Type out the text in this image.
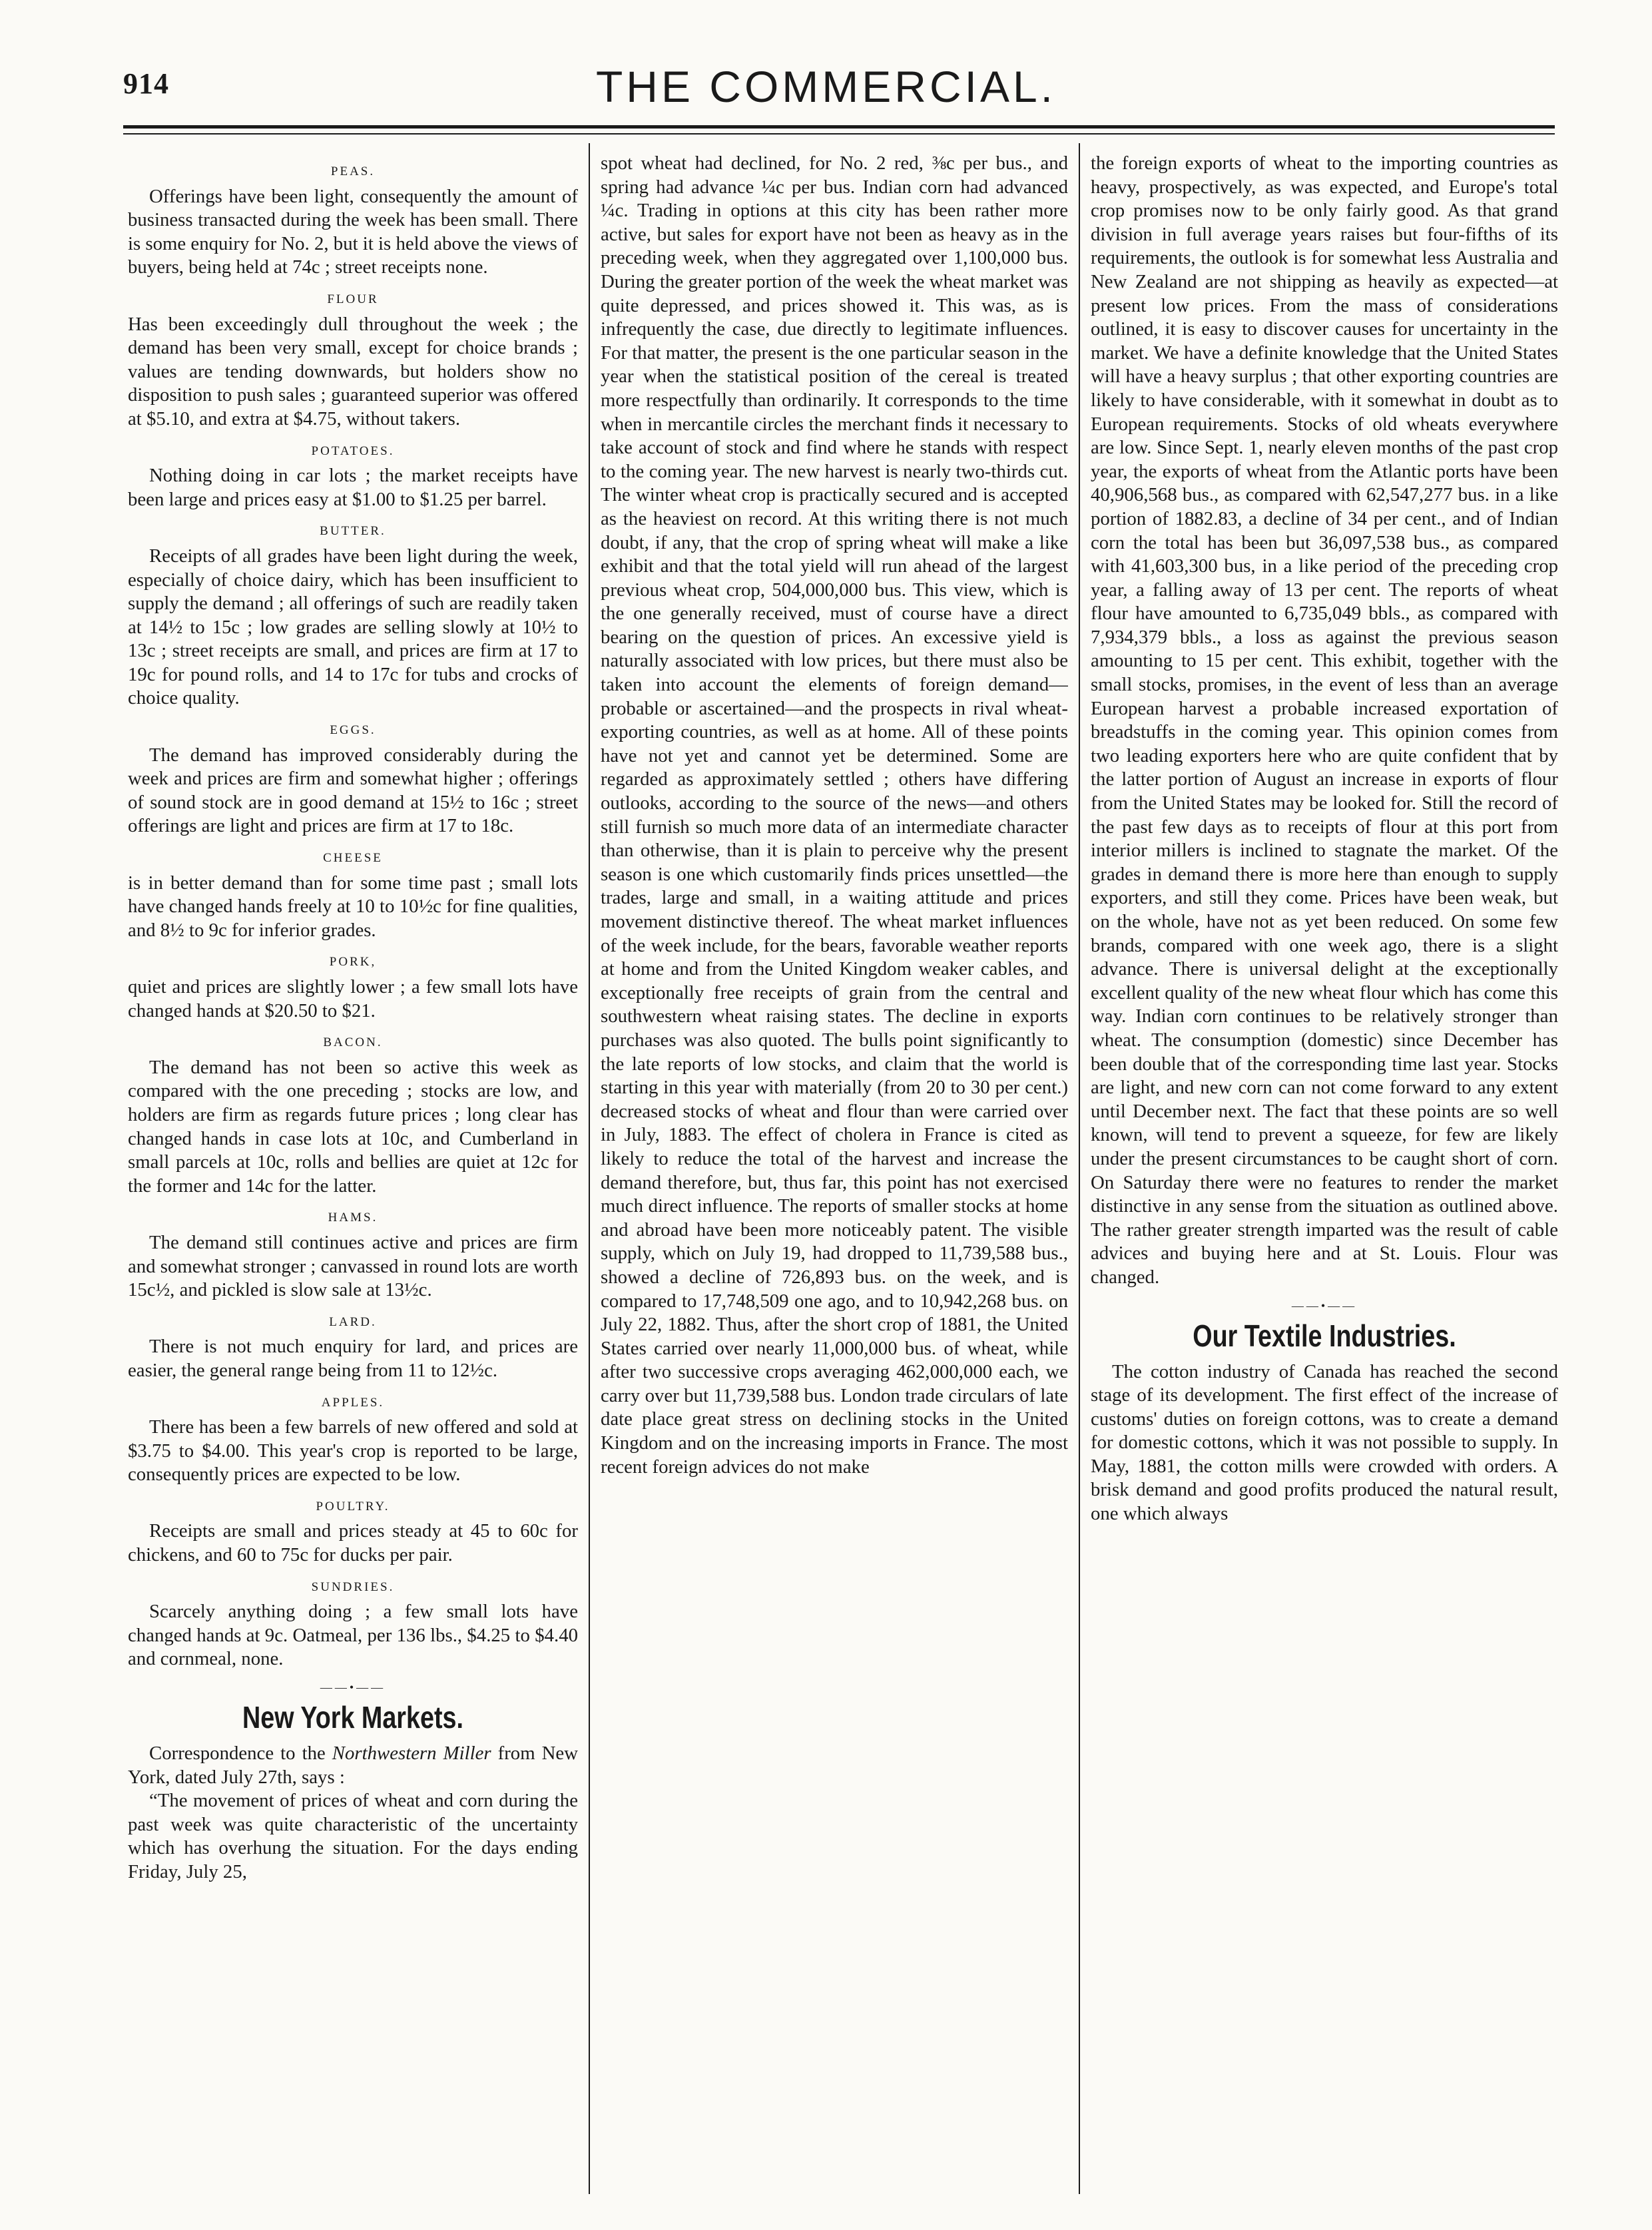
914	THE COMMERCIAL.
PEAS.

Offerings have been light, consequently the amount of business transacted during the week has been small. There is some enquiry for No. 2, but it is held above the views of buyers, being held at 74c ; street receipts none.

FLOUR

Has been exceedingly dull throughout the week ; the demand has been very small, except for choice brands ; values are tending downwards, but holders show no disposition to push sales ; guaranteed superior was offered at $5.10, and extra at $4.75, without takers.

POTATOES.

Nothing doing in car lots ; the market receipts have been large and prices easy at $1.00 to $1.25 per barrel.

BUTTER.

Receipts of all grades have been light during the week, especially of choice dairy, which has been insufficient to supply the demand ; all offerings of such are readily taken at 14½ to 15c ; low grades are selling slowly at 10½ to 13c ; street receipts are small, and prices are firm at 17 to 19c for pound rolls, and 14 to 17c for tubs and crocks of choice quality.

EGGS.

The demand has improved considerably during the week and prices are firm and somewhat higher ; offerings of sound stock are in good demand at 15½ to 16c ; street offerings are light and prices are firm at 17 to 18c.

CHEESE

is in better demand than for some time past ; small lots have changed hands freely at 10 to 10½c for fine qualities, and 8½ to 9c for inferior grades.

PORK,

quiet and prices are slightly lower ; a few small lots have changed hands at $20.50 to $21.

BACON.

The demand has not been so active this week as compared with the one preceding ; stocks are low, and holders are firm as regards future prices ; long clear has changed hands in case lots at 10c, and Cumberland in small parcels at 10c, rolls and bellies are quiet at 12c for the former and 14c for the latter.

HAMS.

The demand still continues active and prices are firm and somewhat stronger ; canvassed in round lots are worth 15c½, and pickled is slow sale at 13½c.

LARD.

There is not much enquiry for lard, and prices are easier, the general range being from 11 to 12½c.

APPLES.

There has been a few barrels of new offered and sold at $3.75 to $4.00. This year's crop is reported to be large, consequently prices are expected to be low.

POULTRY.

Receipts are small and prices steady at 45 to 60c for chickens, and 60 to 75c for ducks per pair.

SUNDRIES.

Scarcely anything doing ; a few small lots have changed hands at 9c. Oatmeal, per 136 lbs., $4.25 to $4.40 and cornmeal, none.

——•——
New York Markets.

Correspondence to the Northwestern Miller from New York, dated July 27th, says :

“The movement of prices of wheat and corn during the past week was quite characteristic of the uncertainty which has overhung the situation. For the days ending Friday, July 25,

spot wheat had declined, for No. 2 red, ⅜c per bus., and spring had advance ¼c per bus. Indian corn had advanced ¼c. Trading in options at this city has been rather more active, but sales for export have not been as heavy as in the preceding week, when they aggregated over 1,100,000 bus. During the greater portion of the week the wheat market was quite depressed, and prices showed it. This was, as is infrequently the case, due directly to legitimate influences. For that matter, the present is the one particular season in the year when the statistical position of the cereal is treated more respectfully than ordinarily. It corresponds to the time when in mercantile circles the merchant finds it necessary to take account of stock and find where he stands with respect to the coming year. The new harvest is nearly two-thirds cut. The winter wheat crop is practically secured and is accepted as the heaviest on record. At this writing there is not much doubt, if any, that the crop of spring wheat will make a like exhibit and that the total yield will run ahead of the largest previous wheat crop, 504,000,000 bus. This view, which is the one generally received, must of course have a direct bearing on the question of prices. An excessive yield is naturally associated with low prices, but there must also be taken into account the elements of foreign demand—probable or ascertained—and the prospects in rival wheat-exporting countries, as well as at home. All of these points have not yet and cannot yet be determined. Some are regarded as approximately settled ; others have differing outlooks, according to the source of the news—and others still furnish so much more data of an intermediate character than otherwise, than it is plain to perceive why the present season is one which customarily finds prices unsettled—the trades, large and small, in a waiting attitude and prices movement distinctive thereof. The wheat market influences of the week include, for the bears, favorable weather reports at home and from the United Kingdom weaker cables, and exceptionally free receipts of grain from the central and southwestern wheat raising states. The decline in exports purchases was also quoted. The bulls point significantly to the late reports of low stocks, and claim that the world is starting in this year with materially (from 20 to 30 per cent.) decreased stocks of wheat and flour than were carried over in July, 1883. The effect of cholera in France is cited as likely to reduce the total of the harvest and increase the demand therefore, but, thus far, this point has not exercised much direct influence. The reports of smaller stocks at home and abroad have been more noticeably patent. The visible supply, which on July 19, had dropped to 11,739,588 bus., showed a decline of 726,893 bus. on the week, and is compared to 17,748,509 one ago, and to 10,942,268 bus. on July 22, 1882. Thus, after the short crop of 1881, the United States carried over nearly 11,000,000 bus. of wheat, while after two successive crops averaging 462,000,000 each, we carry over but 11,739,588 bus. London trade circulars of late date place great stress on declining stocks in the United Kingdom and on the increasing imports in France. The most recent foreign advices do not make

the foreign exports of wheat to the importing countries as heavy, prospectively, as was expected, and Europe's total crop promises now to be only fairly good. As that grand division in full average years raises but four-fifths of its requirements, the outlook is for somewhat less Australia and New Zealand are not shipping as heavily as expected—at present low prices. From the mass of considerations outlined, it is easy to discover causes for uncertainty in the market. We have a definite knowledge that the United States will have a heavy surplus ; that other exporting countries are likely to have considerable, with it somewhat in doubt as to European requirements. Stocks of old wheats everywhere are low. Since Sept. 1, nearly eleven months of the past crop year, the exports of wheat from the Atlantic ports have been 40,906,568 bus., as compared with 62,547,277 bus. in a like portion of 1882.83, a decline of 34 per cent., and of Indian corn the total has been but 36,097,538 bus., as compared with 41,603,300 bus, in a like period of the preceding crop year, a falling away of 13 per cent. The reports of wheat flour have amounted to 6,735,049 bbls., as compared with 7,934,379 bbls., a loss as against the previous season amounting to 15 per cent. This exhibit, together with the small stocks, promises, in the event of less than an average European harvest a probable increased exportation of breadstuffs in the coming year. This opinion comes from two leading exporters here who are quite confident that by the latter portion of August an increase in exports of flour from the United States may be looked for. Still the record of the past few days as to receipts of flour at this port from interior millers is inclined to stagnate the market. Of the grades in demand there is more here than enough to supply exporters, and still they come. Prices have been weak, but on the whole, have not as yet been reduced. On some few brands, compared with one week ago, there is a slight advance. There is universal delight at the exceptionally excellent quality of the new wheat flour which has come this way. Indian corn continues to be relatively stronger than wheat. The consumption (domestic) since December has been double that of the corresponding time last year. Stocks are light, and new corn can not come forward to any extent until December next. The fact that these points are so well known, will tend to prevent a squeeze, for few are likely under the present circumstances to be caught short of corn. On Saturday there were no features to render the market distinctive in any sense from the situation as outlined above. The rather greater strength imparted was the result of cable advices and buying here and at St. Louis. Flour was changed.

——•——
Our Textile Industries.

The cotton industry of Canada has reached the second stage of its development. The first effect of the increase of customs' duties on foreign cottons, was to create a demand for domestic cottons, which it was not possible to supply. In May, 1881, the cotton mills were crowded with orders. A brisk demand and good profits produced the natural result, one which always
